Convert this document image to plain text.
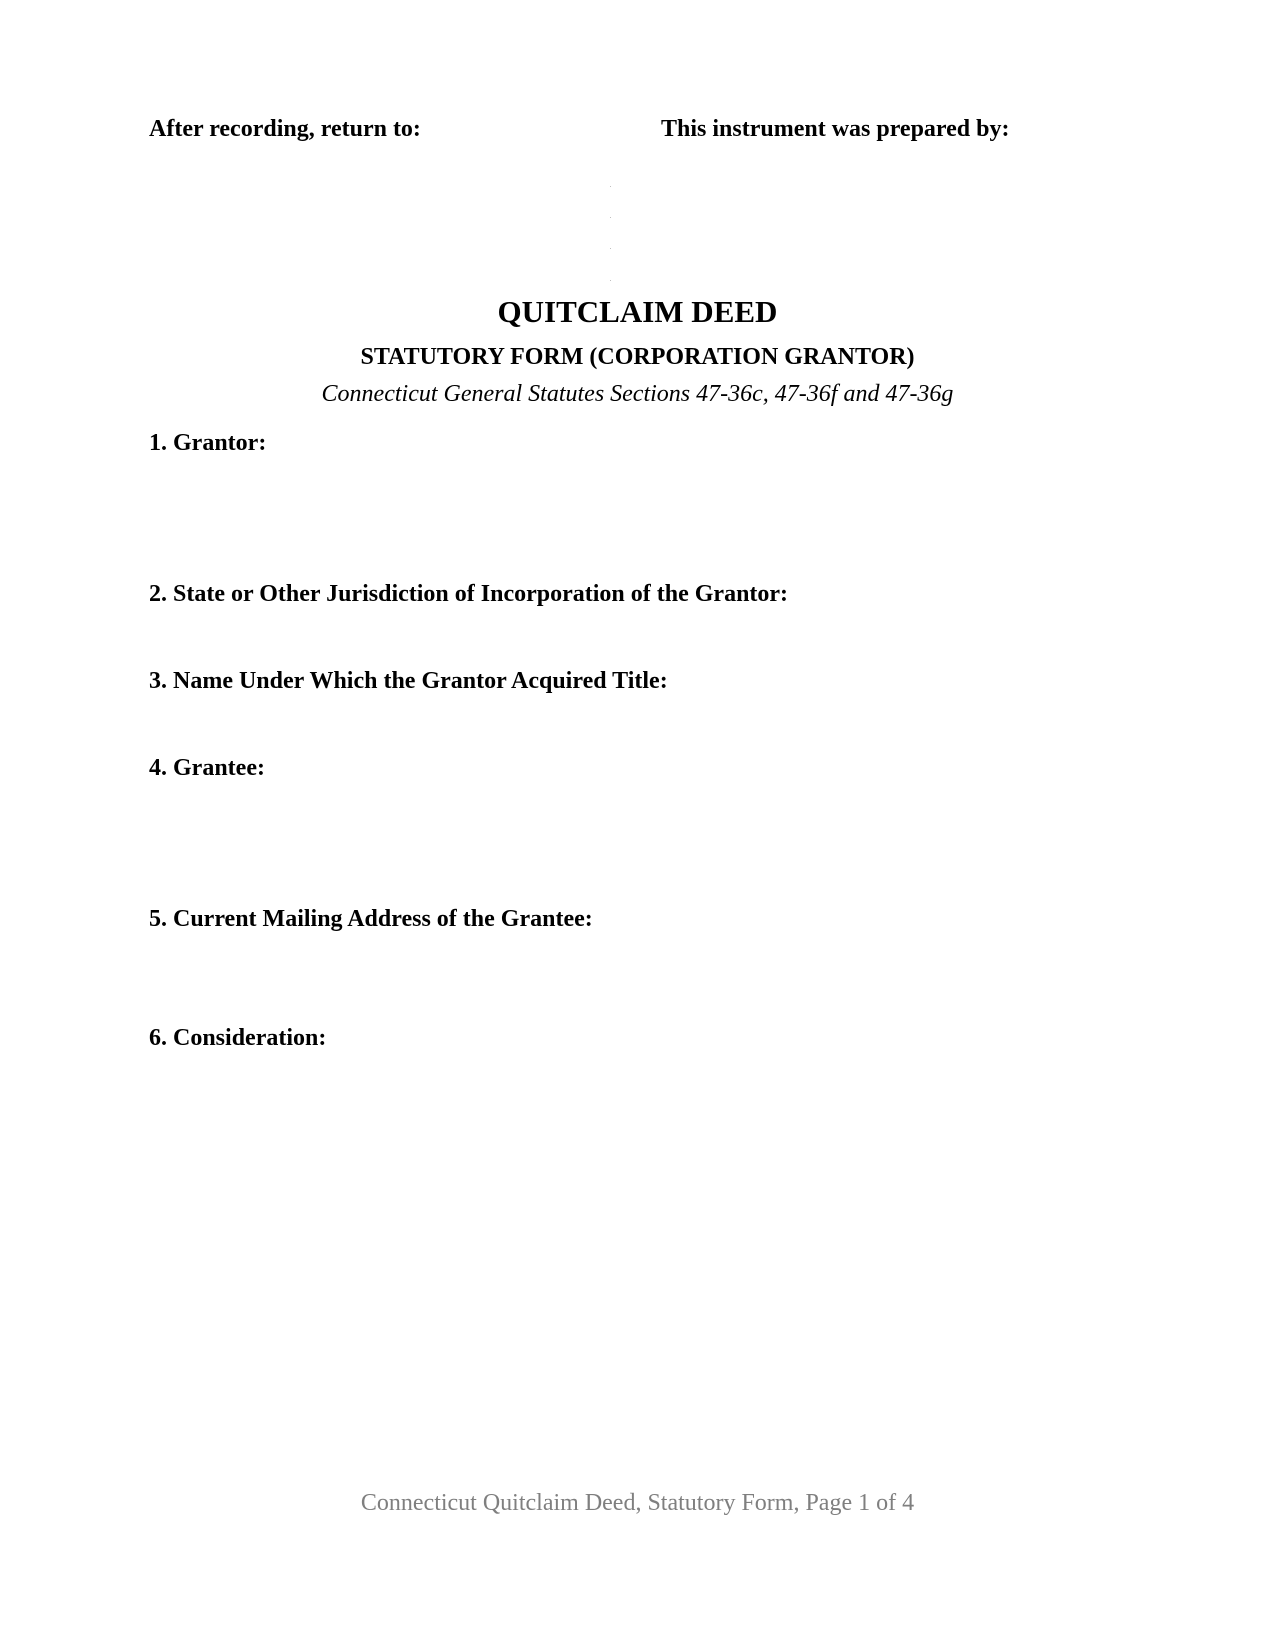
After recording, return to:	This instrument was prepared by:
QUITCLAIM DEED
STATUTORY FORM (CORPORATION GRANTOR)
Connecticut General Statutes Sections 47-36c, 47-36f and 47-36g
1. Grantor:
2. State or Other Jurisdiction of Incorporation of the Grantor:
3. Name Under Which the Grantor Acquired Title:
4. Grantee:
5. Current Mailing Address of the Grantee:
6. Consideration:
Connecticut Quitclaim Deed, Statutory Form, Page 1 of 4
